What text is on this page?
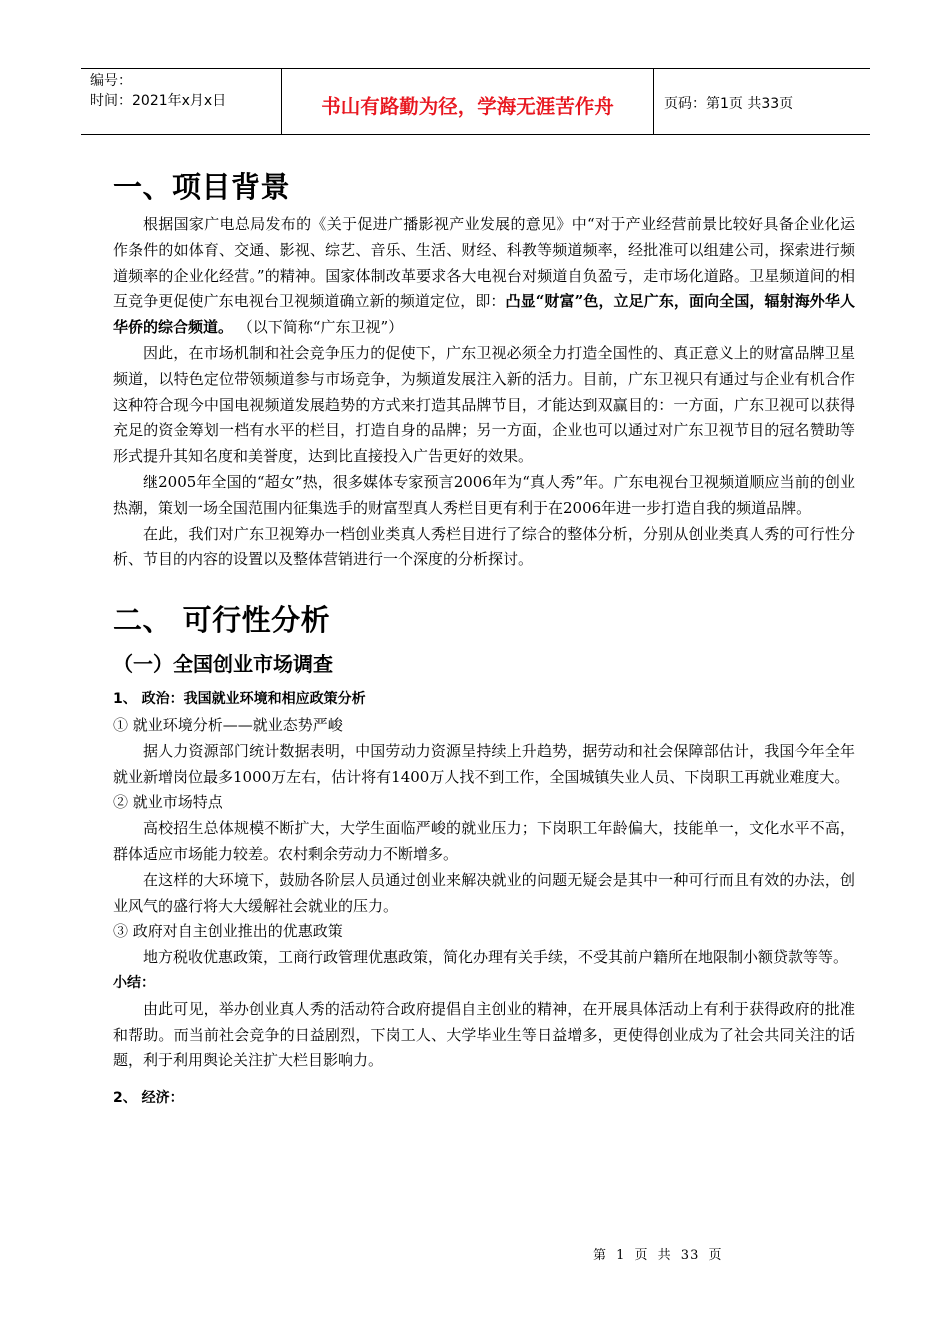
编号：
时间：2021年x月x日	书山有路勤为径，学海无涯苦作舟	页码：第1页 共33页
一、项目背景

根据国家广电总局发布的《关于促进广播影视产业发展的意见》中“对于产业经营前景比较好具备企业化运作条件的如体育、交通、影视、综艺、音乐、生活、财经、科教等频道频率，经批准可以组建公司，探索进行频道频率的企业化经营。”的精神。国家体制改革要求各大电视台对频道自负盈亏，走市场化道路。卫星频道间的相互竞争更促使广东电视台卫视频道确立新的频道定位，即：凸显“财富”色，立足广东，面向全国，辐射海外华人华侨的综合频道。 （以下简称“广东卫视”）

因此，在市场机制和社会竞争压力的促使下，广东卫视必须全力打造全国性的、真正意义上的财富品牌卫星频道，以特色定位带领频道参与市场竞争，为频道发展注入新的活力。目前，广东卫视只有通过与企业有机合作这种符合现今中国电视频道发展趋势的方式来打造其品牌节目，才能达到双赢目的：一方面，广东卫视可以获得充足的资金筹划一档有水平的栏目，打造自身的品牌；另一方面，企业也可以通过对广东卫视节目的冠名赞助等形式提升其知名度和美誉度，达到比直接投入广告更好的效果。

继2005年全国的“超女”热，很多媒体专家预言2006年为“真人秀”年。广东电视台卫视频道顺应当前的创业热潮，策划一场全国范围内征集选手的财富型真人秀栏目更有利于在2006年进一步打造自我的频道品牌。

在此，我们对广东卫视筹办一档创业类真人秀栏目进行了综合的整体分析，分别从创业类真人秀的可行性分析、节目的内容的设置以及整体营销进行一个深度的分析探讨。

二、 可行性分析
（一）全国创业市场调查
1、 政治：我国就业环境和相应政策分析
① 就业环境分析——就业态势严峻

据人力资源部门统计数据表明，中国劳动力资源呈持续上升趋势，据劳动和社会保障部估计，我国今年全年就业新增岗位最多1000万左右，估计将有1400万人找不到工作，全国城镇失业人员、下岗职工再就业难度大。

② 就业市场特点

高校招生总体规模不断扩大，大学生面临严峻的就业压力；下岗职工年龄偏大，技能单一，文化水平不高，群体适应市场能力较差。农村剩余劳动力不断增多。

在这样的大环境下，鼓励各阶层人员通过创业来解决就业的问题无疑会是其中一种可行而且有效的办法，创业风气的盛行将大大缓解社会就业的压力。

③ 政府对自主创业推出的优惠政策

地方税收优惠政策，工商行政管理优惠政策，简化办理有关手续，不受其前户籍所在地限制小额贷款等等。

小结：

由此可见，举办创业真人秀的活动符合政府提倡自主创业的精神，在开展具体活动上有利于获得政府的批准和帮助。而当前社会竞争的日益剧烈，下岗工人、大学毕业生等日益增多，更使得创业成为了社会共同关注的话题，利于利用舆论关注扩大栏目影响力。

2、 经济：
第 1 页 共 33 页
